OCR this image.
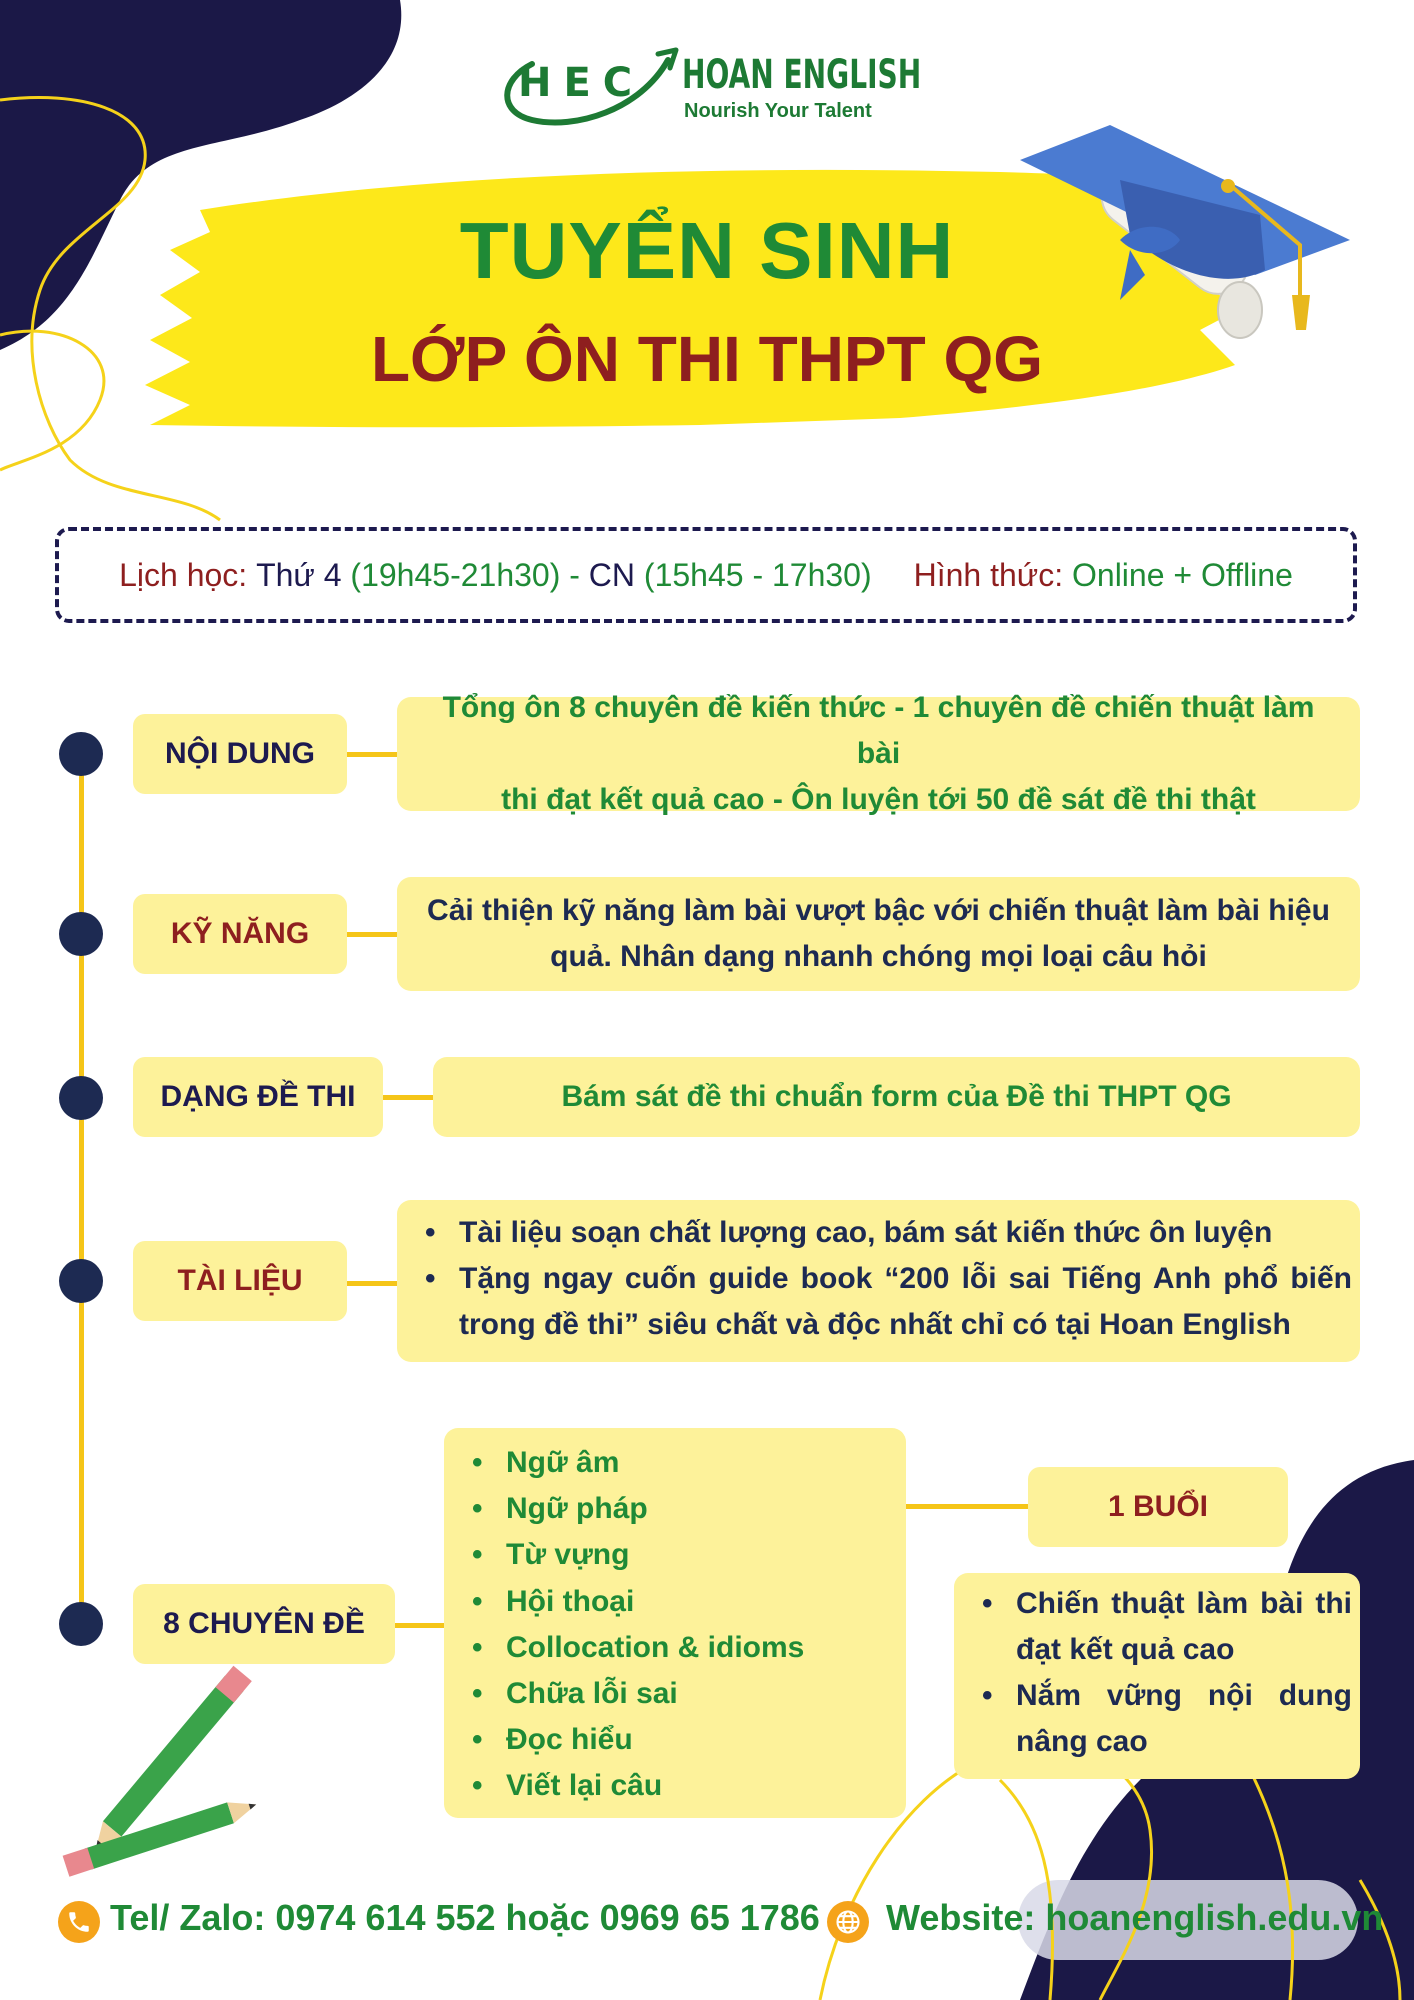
HEC HOAN ENGLISH
Nourish Your Talent
TUYỂN SINH
LỚP ÔN THI THPT QG
Lịch học:
Thứ 4
(19h45-21h30) -
CN
(15h45 - 17h30) Hình thức:
Online + Offline
NỘI DUNG
Tổng ôn 8 chuyên đề kiến thức - 1 chuyên đề chiến thuật làm bài
thi đạt kết quả cao - Ôn luyện tới 50 đề sát đề thi thật
KỸ NĂNG
Cải thiện kỹ năng làm bài vượt bậc với chiến thuật làm bài hiệu
quả. Nhân dạng nhanh chóng mọi loại câu hỏi
DẠNG ĐỀ THI	Bám sát đề thi chuẩn form của Đề thi THPT QG
TÀI LIỆU
• Tài liệu soạn chất lượng cao, bám sát kiến thức ôn luyện
• Tặng ngay cuốn guide book “200 lỗi sai Tiếng Anh phổ biến trong đề thi” siêu chất và độc nhất chỉ có tại Hoan English
8 CHUYÊN ĐỀ
• Ngữ âm
• Ngữ pháp
• Từ vựng
• Hội thoại
• Collocation & idioms
• Chữa lỗi sai
• Đọc hiểu
• Viết lại câu
1 BUỔI
• Chiến thuật làm bài thi đạt kết quả cao
• Nắm vững nội dung nâng cao
Tel/ Zalo: 0974 614 552 hoặc 0969 65 1786 Website: hoanenglish.edu.vn
